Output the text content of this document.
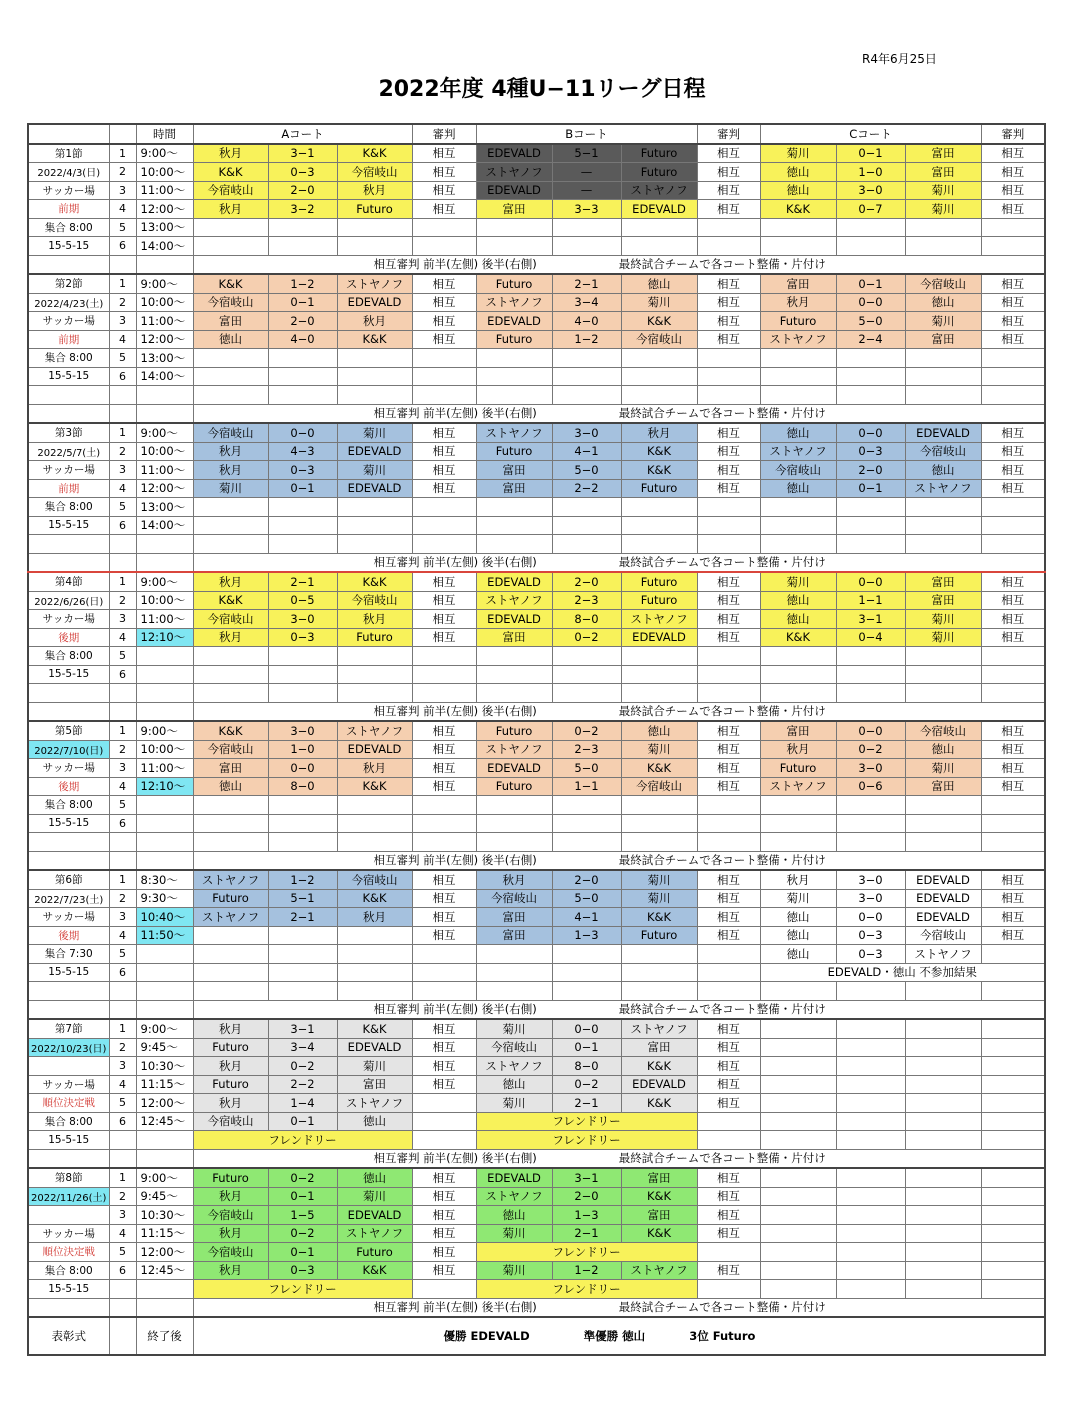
R4年6月25日
2022年度 4種U−11リーグ日程
		時間	Aコート			審判	Bコート			審判	Cコート			審判
第1節	1	9:00〜	秋月	3−1	K&K	相互	EDEVALD	5−1	Futuro	相互	菊川	0−1	富田	相互
2022/4/3(日)	2	10:00〜	K&K	0−3	今宿岐山	相互	ストヤノフ	—	Futuro	相互	徳山	1−0	富田	相互
サッカー場	3	11:00〜	今宿岐山	2−0	秋月	相互	EDEVALD	—	ストヤノフ	相互	徳山	3−0	菊川	相互
前期	4	12:00〜	秋月	3−2	Futuro	相互	富田	3−3	EDEVALD	相互	K&K	0−7	菊川	相互
集合 8:00	5	13:00〜												
15-5-15	6	14:00〜												
			相互審判 前半(左側) 後半(右側) 最終試合チームで各コート整備・片付け											
第2節	1	9:00〜	K&K	1−2	ストヤノフ	相互	Futuro	2−1	徳山	相互	富田	0−1	今宿岐山	相互
2022/4/23(土)	2	10:00〜	今宿岐山	0−1	EDEVALD	相互	ストヤノフ	3−4	菊川	相互	秋月	0−0	徳山	相互
サッカー場	3	11:00〜	富田	2−0	秋月	相互	EDEVALD	4−0	K&K	相互	Futuro	5−0	菊川	相互
前期	4	12:00〜	徳山	4−0	K&K	相互	Futuro	1−2	今宿岐山	相互	ストヤノフ	2−4	富田	相互
集合 8:00	5	13:00〜												
15-5-15	6	14:00〜												

			相互審判 前半(左側) 後半(右側) 最終試合チームで各コート整備・片付け											
第3節	1	9:00〜	今宿岐山	0−0	菊川	相互	ストヤノフ	3−0	秋月	相互	徳山	0−0	EDEVALD	相互
2022/5/7(土)	2	10:00〜	秋月	4−3	EDEVALD	相互	Futuro	4−1	K&K	相互	ストヤノフ	0−3	今宿岐山	相互
サッカー場	3	11:00〜	秋月	0−3	菊川	相互	富田	5−0	K&K	相互	今宿岐山	2−0	徳山	相互
前期	4	12:00〜	菊川	0−1	EDEVALD	相互	富田	2−2	Futuro	相互	徳山	0−1	ストヤノフ	相互
集合 8:00	5	13:00〜												
15-5-15	6	14:00〜												

			相互審判 前半(左側) 後半(右側) 最終試合チームで各コート整備・片付け											
第4節	1	9:00〜	秋月	2−1	K&K	相互	EDEVALD	2−0	Futuro	相互	菊川	0−0	富田	相互
2022/6/26(日)	2	10:00〜	K&K	0−5	今宿岐山	相互	ストヤノフ	2−3	Futuro	相互	徳山	1−1	富田	相互
サッカー場	3	11:00〜	今宿岐山	3−0	秋月	相互	EDEVALD	8−0	ストヤノフ	相互	徳山	3−1	菊川	相互
後期	4	12:10〜	秋月	0−3	Futuro	相互	富田	0−2	EDEVALD	相互	K&K	0−4	菊川	相互
集合 8:00	5													
15-5-15	6													

			相互審判 前半(左側) 後半(右側) 最終試合チームで各コート整備・片付け											
第5節	1	9:00〜	K&K	3−0	ストヤノフ	相互	Futuro	0−2	徳山	相互	富田	0−0	今宿岐山	相互
2022/7/10(日)	2	10:00〜	今宿岐山	1−0	EDEVALD	相互	ストヤノフ	2−3	菊川	相互	秋月	0−2	徳山	相互
サッカー場	3	11:00〜	富田	0−0	秋月	相互	EDEVALD	5−0	K&K	相互	Futuro	3−0	菊川	相互
後期	4	12:10〜	徳山	8−0	K&K	相互	Futuro	1−1	今宿岐山	相互	ストヤノフ	0−6	富田	相互
集合 8:00	5													
15-5-15	6													

			相互審判 前半(左側) 後半(右側) 最終試合チームで各コート整備・片付け											
第6節	1	8:30〜	ストヤノフ	1−2	今宿岐山	相互	秋月	2−0	菊川	相互	秋月	3−0	EDEVALD	相互
2022/7/23(土)	2	9:30〜	Futuro	5−1	K&K	相互	今宿岐山	5−0	菊川	相互	菊川	3−0	EDEVALD	相互
サッカー場	3	10:40〜	ストヤノフ	2−1	秋月	相互	富田	4−1	K&K	相互	徳山	0−0	EDEVALD	相互
後期	4	11:50〜				相互	富田	1−3	Futuro	相互	徳山	0−3	今宿岐山	相互
集合 7:30	5										徳山	0−3	ストヤノフ	
15-5-15	6										EDEVALD・徳山 不参加結果			

			相互審判 前半(左側) 後半(右側) 最終試合チームで各コート整備・片付け											
第7節	1	9:00〜	秋月	3−1	K&K	相互	菊川	0−0	ストヤノフ	相互				
2022/10/23(日)	2	9:45〜	Futuro	3−4	EDEVALD	相互	今宿岐山	0−1	富田	相互				
	3	10:30〜	秋月	0−2	菊川	相互	ストヤノフ	8−0	K&K	相互				
サッカー場	4	11:15〜	Futuro	2−2	富田	相互	徳山	0−2	EDEVALD	相互				
順位決定戦	5	12:00〜	秋月	1−4	ストヤノフ		菊川	2−1	K&K	相互				
集合 8:00	6	12:45〜	今宿岐山	0−1	徳山		フレンドリー							
15-5-15			フレンドリー				フレンドリー							
			相互審判 前半(左側) 後半(右側) 最終試合チームで各コート整備・片付け											
第8節	1	9:00〜	Futuro	0−2	徳山	相互	EDEVALD	3−1	富田	相互				
2022/11/26(土)	2	9:45〜	秋月	0−1	菊川	相互	ストヤノフ	2−0	K&K	相互				
	3	10:30〜	今宿岐山	1−5	EDEVALD	相互	徳山	1−3	富田	相互				
サッカー場	4	11:15〜	秋月	0−2	ストヤノフ	相互	菊川	2−1	K&K	相互				
順位決定戦	5	12:00〜	今宿岐山	0−1	Futuro	相互	フレンドリー							
集合 8:00	6	12:45〜	秋月	0−3	K&K	相互	菊川	1−2	ストヤノフ	相互				
15-5-15			フレンドリー				フレンドリー							
			相互審判 前半(左側) 後半(右側) 最終試合チームで各コート整備・片付け											
表彰式		終了後	優勝 EDEVALD 準優勝 徳山 3位 Futuro											
